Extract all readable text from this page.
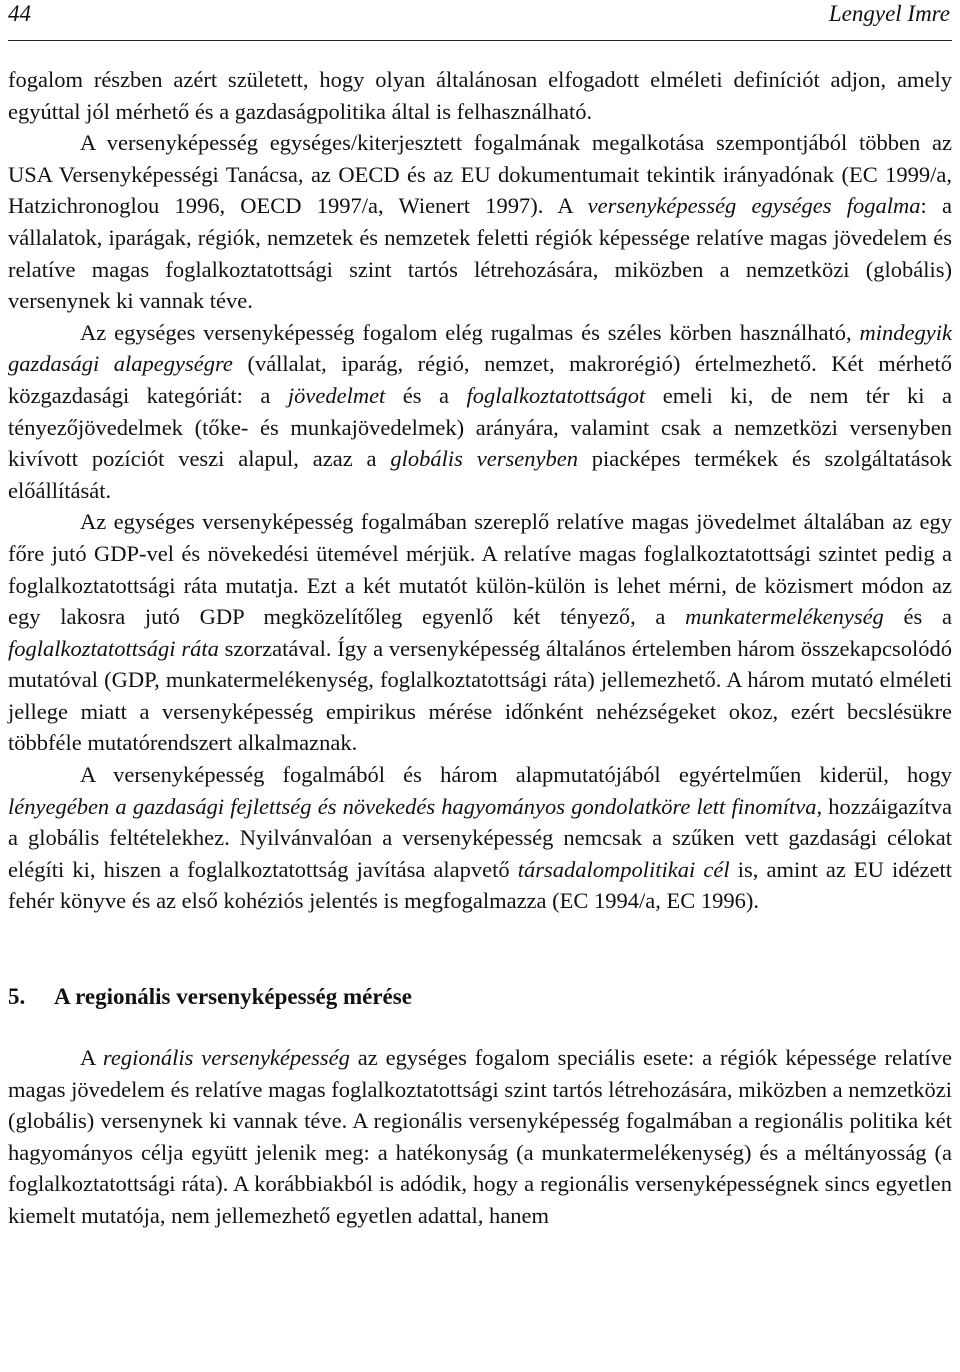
44	Lengyel Imre

fogalom részben azért született, hogy olyan általánosan elfogadott elméleti definíciót adjon, amely egyúttal jól mérhető és a gazdaságpolitika által is felhasználható.

A versenyképesség egységes/kiterjesztett fogalmának megalkotása szempontjából többen az USA Versenyképességi Tanácsa, az OECD és az EU dokumentumait tekintik irányadónak (EC 1999/a, Hatzichronoglou 1996, OECD 1997/a, Wienert 1997). A versenyképesség egységes fogalma: a vállalatok, iparágak, régiók, nemzetek és nemzetek feletti régiók képessége relatíve magas jövedelem és relatíve magas foglalkoztatottsági szint tartós létrehozására, miközben a nemzetközi (globális) versenynek ki vannak téve.

Az egységes versenyképesség fogalom elég rugalmas és széles körben használható, mindegyik gazdasági alapegységre (vállalat, iparág, régió, nemzet, makrorégió) értelmezhető. Két mérhető közgazdasági kategóriát: a jövedelmet és a foglalkoztatottságot emeli ki, de nem tér ki a tényezőjövedelmek (tőke- és munkajövedelmek) arányára, valamint csak a nemzetközi versenyben kivívott pozíciót veszi alapul, azaz a globális versenyben piacképes termékek és szolgáltatások előállítását.

Az egységes versenyképesség fogalmában szereplő relatíve magas jövedelmet általában az egy főre jutó GDP-vel és növekedési ütemével mérjük. A relatíve magas foglalkoztatottsági szintet pedig a foglalkoztatottsági ráta mutatja. Ezt a két mutatót külön-külön is lehet mérni, de közismert módon az egy lakosra jutó GDP megközelítőleg egyenlő két tényező, a munkatermelékenység és a foglalkoztatottsági ráta szorzatával. Így a versenyképesség általános értelemben három összekapcsolódó mutatóval (GDP, munkatermelékenység, foglalkoztatottsági ráta) jellemezhető. A három mutató elméleti jellege miatt a versenyképesség empirikus mérése időnként nehézségeket okoz, ezért becslésükre többféle mutatórendszert alkalmaznak.

A versenyképesség fogalmából és három alapmutatójából egyértelműen kiderül, hogy lényegében a gazdasági fejlettség és növekedés hagyományos gondolatköre lett finomítva, hozzáigazítva a globális feltételekhez. Nyilvánvalóan a versenyképesség nemcsak a szűken vett gazdasági célokat elégíti ki, hiszen a foglalkoztatottság javítása alapvető társadalompolitikai cél is, amint az EU idézett fehér könyve és az első kohéziós jelentés is megfogalmazza (EC 1994/a, EC 1996).

5. A regionális versenyképesség mérése

A regionális versenyképesség az egységes fogalom speciális esete: a régiók képessége relatíve magas jövedelem és relatíve magas foglalkoztatottsági szint tartós létrehozására, miközben a nemzetközi (globális) versenynek ki vannak téve. A regionális versenyképesség fogalmában a regionális politika két hagyományos célja együtt jelenik meg: a hatékonyság (a munkatermelékenység) és a méltányosság (a foglalkoztatottsági ráta). A korábbiakból is adódik, hogy a regionális versenyképességnek sincs egyetlen kiemelt mutatója, nem jellemezhető egyetlen adattal, hanem
